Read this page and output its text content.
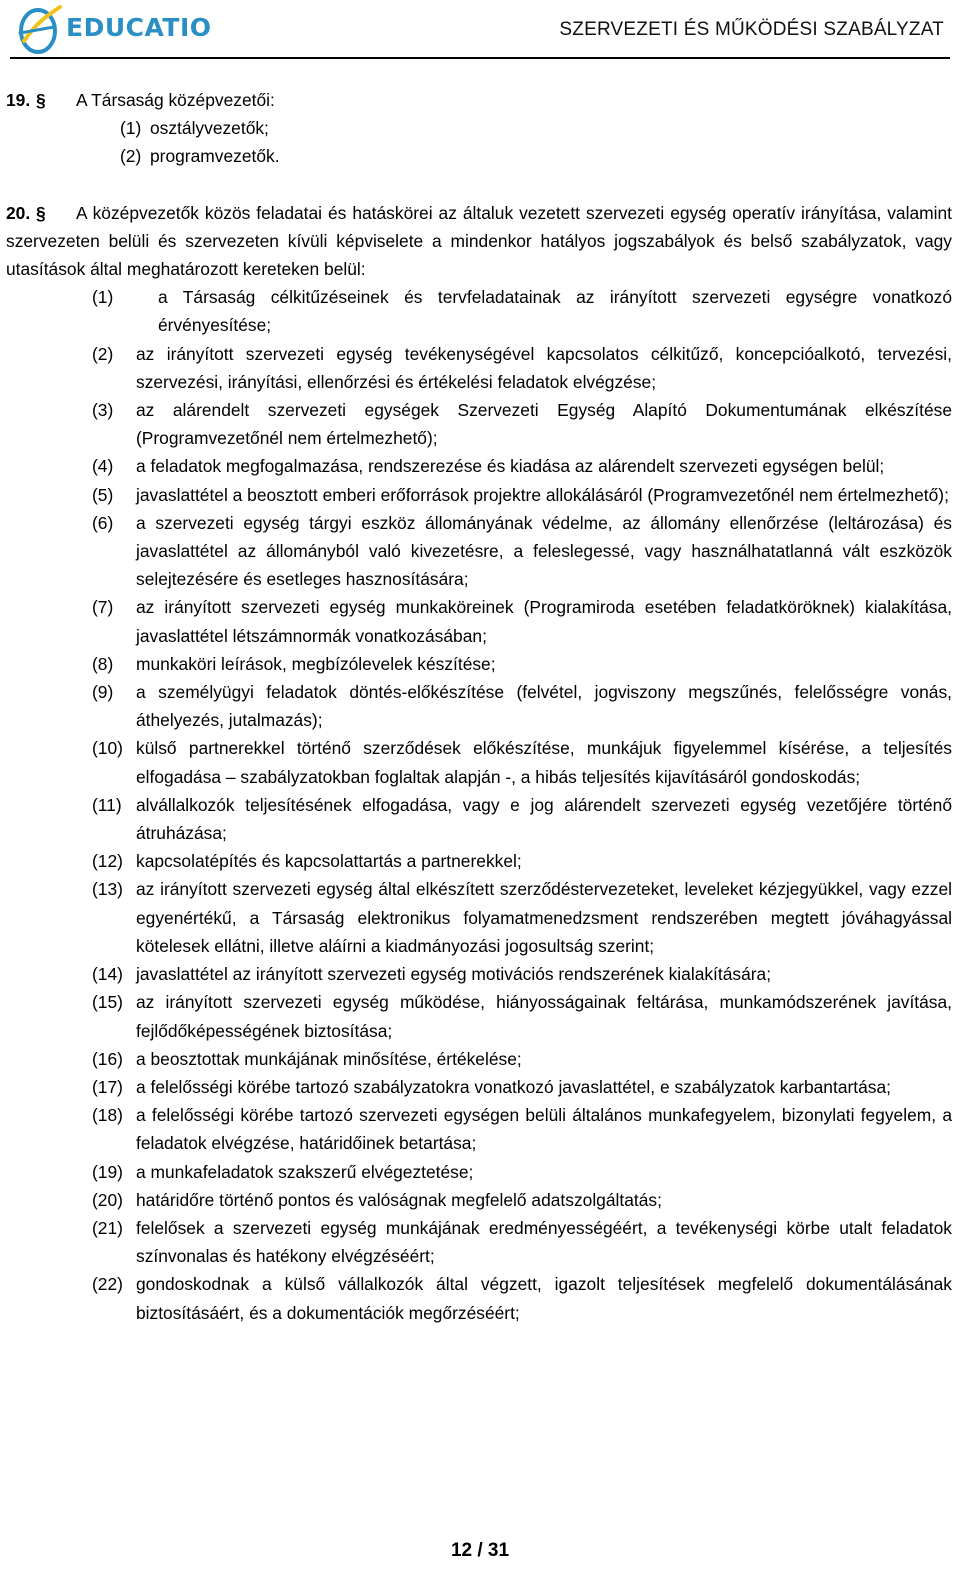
EDUCATIO	SZERVEZETI ÉS MŰKÖDÉSI SZABÁLYZAT
19. § A Társaság középvezetői:
(1) osztályvezetők;
(2) programvezetők.
20. §	A középvezetők közös feladatai és hatáskörei az általuk vezetett szervezeti egység operatív irányítása, valamint szervezeten belüli és szervezeten kívüli képviselete a mindenkor hatályos jogszabályok és belső szabályzatok, vagy utasítások által meghatározott kereteken belül:
(1)	a Társaság célkitűzéseinek és tervfeladatainak az irányított szervezeti egységre vonatkozó érvényesítése;
(2) az irányított szervezeti egység tevékenységével kapcsolatos célkitűző, koncepcióalkotó, tervezési, szervezési, irányítási, ellenőrzési és értékelési feladatok elvégzése;
(3) az alárendelt szervezeti egységek Szervezeti Egység Alapító Dokumentumának elkészítése (Programvezetőnél nem értelmezhető);
(4) a feladatok megfogalmazása, rendszerezése és kiadása az alárendelt szervezeti egységen belül;
(5) javaslattétel a beosztott emberi erőforrások projektre allokálásáról (Programvezetőnél nem értelmezhető);
(6) a szervezeti egység tárgyi eszköz állományának védelme, az állomány ellenőrzése (leltározása) és javaslattétel az állományból való kivezetésre, a feleslegessé, vagy használhatatlanná vált eszközök selejtezésére és esetleges hasznosítására;
(7) az irányított szervezeti egység munkaköreinek (Programiroda esetében feladatköröknek) kialakítása, javaslattétel létszámnormák vonatkozásában;
(8) munkaköri leírások, megbízólevelek készítése;
(9) a személyügyi feladatok döntés-előkészítése (felvétel, jogviszony megszűnés, felelősségre vonás, áthelyezés, jutalmazás);
(10) külső partnerekkel történő szerződések előkészítése, munkájuk figyelemmel kísérése, a teljesítés elfogadása – szabályzatokban foglaltak alapján -, a hibás teljesítés kijavításáról gondoskodás;
(11) alvállalkozók teljesítésének elfogadása, vagy e jog alárendelt szervezeti egység vezetőjére történő átruházása;
(12) kapcsolatépítés és kapcsolattartás a partnerekkel;
(13) az irányított szervezeti egység által elkészített szerződéstervezeteket, leveleket kézjegyükkel, vagy ezzel egyenértékű, a Társaság elektronikus folyamatmenedzsment rendszerében megtett jóváhagyással kötelesek ellátni, illetve aláírni a kiadmányozási jogosultság szerint;
(14) javaslattétel az irányított szervezeti egység motivációs rendszerének kialakítására;
(15) az irányított szervezeti egység működése, hiányosságainak feltárása, munkamódszerének javítása, fejlődőképességének biztosítása;
(16) a beosztottak munkájának minősítése, értékelése;
(17) a felelősségi körébe tartozó szabályzatokra vonatkozó javaslattétel, e szabályzatok karbantartása;
(18) a felelősségi körébe tartozó szervezeti egységen belüli általános munkafegyelem, bizonylati fegyelem, a feladatok elvégzése, határidőinek betartása;
(19) a munkafeladatok szakszerű elvégeztetése;
(20) határidőre történő pontos és valóságnak megfelelő adatszolgáltatás;
(21) felelősek a szervezeti egység munkájának eredményességéért, a tevékenységi körbe utalt feladatok színvonalas és hatékony elvégzéséért;
(22) gondoskodnak a külső vállalkozók által végzett, igazolt teljesítések megfelelő dokumentálásának biztosításáért, és a dokumentációk megőrzéséért;
12 / 31
